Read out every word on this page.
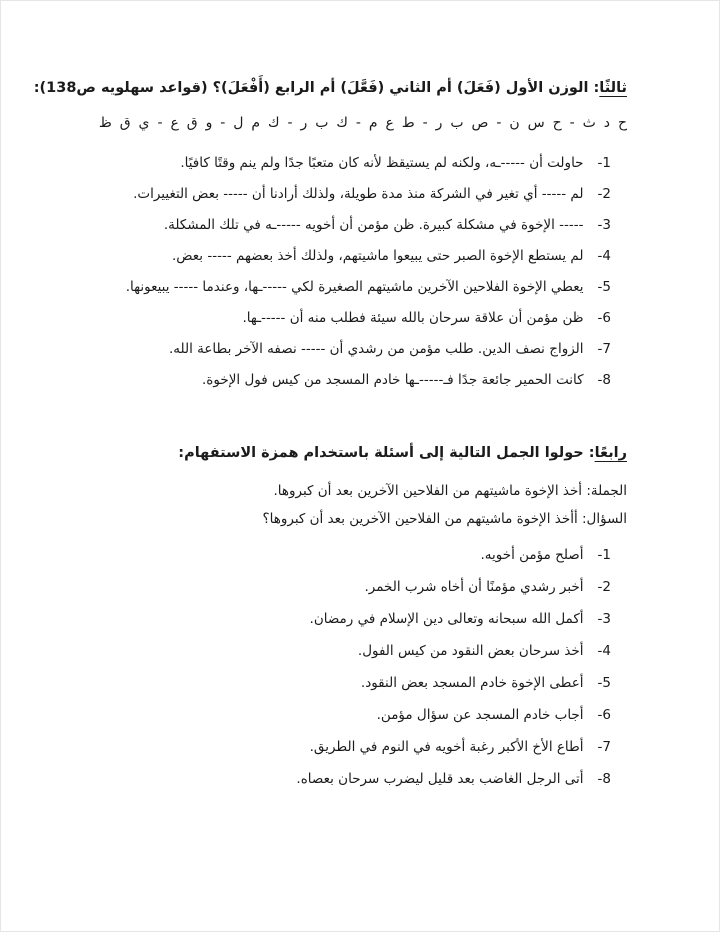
ثالثًا: الوزن الأول (فَعَلَ) أم الثاني (فَعَّلَ) أم الرابع (أَفْعَلَ)؟ (قواعد سهلويه ص138):

ح د ث - ح س ن - ص ب ر - ط ع م - ك ب ر - ك م ل - و ق ع - ي ق ظ

-1
حاولت أن -----ـه، ولكنه لم يستيقظ لأنه كان متعبًا جدًا ولم ينم وقتًا كافيًا.
-2
لم ----- أي تغير في الشركة منذ مدة طويلة، ولذلك أرادنا أن ----- بعض التغييرات.
-3
----- الإخوة في مشكلة كبيرة. ظن مؤمن أن أخويه -----ـه في تلك المشكلة.
-4
لم يستطع الإخوة الصبر حتى يبيعوا ماشيتهم، ولذلك أخذ بعضهم ----- بعض.
-5
يعطي الإخوة الفلاحين الآخرين ماشيتهم الصغيرة لكي -----ـها، وعندما ----- يبيعونها.
-6
ظن مؤمن أن علاقة سرحان بالله سيئة فطلب منه أن -----ـها.
-7
الزواج نصف الدين. طلب مؤمن من رشدي أن ----- نصفه الآخر بطاعة الله.
-8
كانت الحمير جائعة جدًا فـ-----ـها خادم المسجد من كيس فول الإخوة.

رابعًا: حولوا الجمل التالية إلى أسئلة باستخدام همزة الاستفهام:

الجملة: أخذ الإخوة ماشيتهم من الفلاحين الآخرين بعد أن كبروها.

السؤال: أأخذ الإخوة ماشيتهم من الفلاحين الآخرين بعد أن كبروها؟

-1
أصلح مؤمن أخويه.
-2
أخبر رشدي مؤمنًا أن أخاه شرب الخمر.
-3
أكمل الله سبحانه وتعالى دين الإسلام في رمضان.
-4
أخذ سرحان بعض النقود من كيس الفول.
-5
أعطى الإخوة خادم المسجد بعض النقود.
-6
أجاب خادم المسجد عن سؤال مؤمن.
-7
أطاع الأخ الأكبر رغبة أخويه في النوم في الطريق.
-8
أتى الرجل الغاضب بعد قليل ليضرب سرحان بعصاه.
